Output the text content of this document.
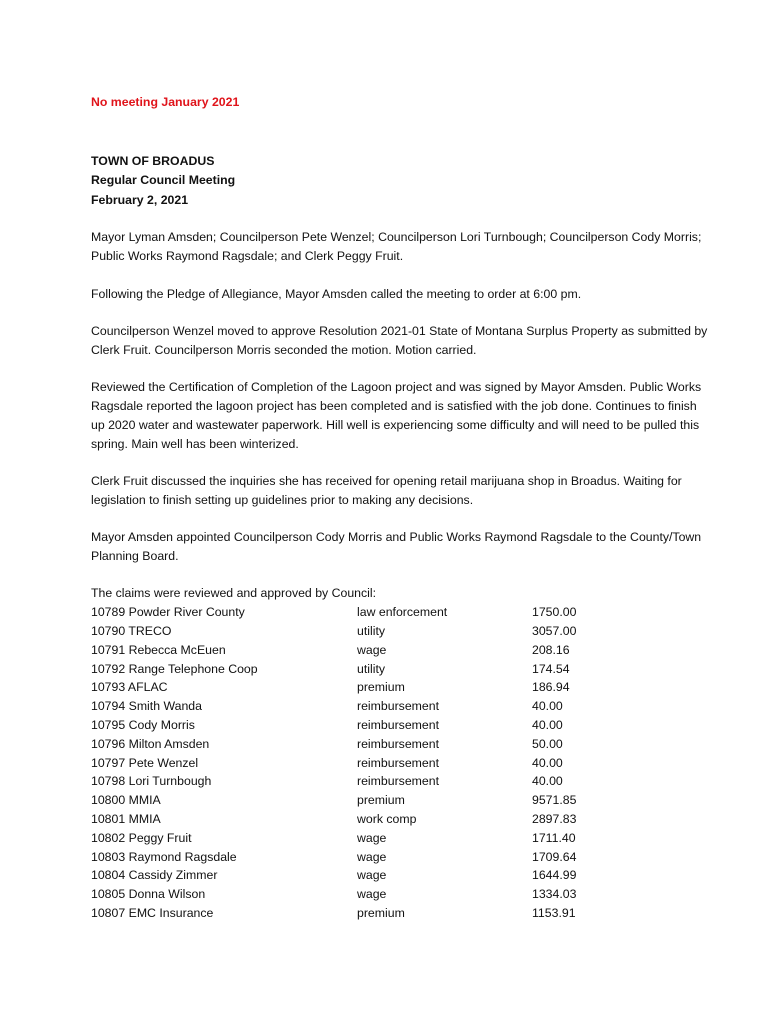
No meeting January 2021

TOWN OF BROADUS
Regular Council Meeting
February 2, 2021

Mayor Lyman Amsden; Councilperson Pete Wenzel; Councilperson Lori Turnbough; Councilperson Cody Morris; Public Works Raymond Ragsdale; and Clerk Peggy Fruit.

Following the Pledge of Allegiance, Mayor Amsden called the meeting to order at 6:00 pm.

Councilperson Wenzel moved to approve Resolution 2021-01 State of Montana Surplus Property as submitted by Clerk Fruit. Councilperson Morris seconded the motion. Motion carried.

Reviewed the Certification of Completion of the Lagoon project and was signed by Mayor Amsden. Public Works Ragsdale reported the lagoon project has been completed and is satisfied with the job done. Continues to finish up 2020 water and wastewater paperwork. Hill well is experiencing some difficulty and will need to be pulled this spring. Main well has been winterized.

Clerk Fruit discussed the inquiries she has received for opening retail marijuana shop in Broadus. Waiting for legislation to finish setting up guidelines prior to making any decisions.

Mayor Amsden appointed Councilperson Cody Morris and Public Works Raymond Ragsdale to the County/Town Planning Board.

The claims were reviewed and approved by Council:

10789 Powder River County	law enforcement	1750.00
10790 TRECO	utility	3057.00
10791 Rebecca McEuen	wage	208.16
10792 Range Telephone Coop	utility	174.54
10793 AFLAC	premium	186.94
10794 Smith Wanda	reimbursement	40.00
10795 Cody Morris	reimbursement	40.00
10796 Milton Amsden	reimbursement	50.00
10797 Pete Wenzel	reimbursement	40.00
10798 Lori Turnbough	reimbursement	40.00
10800 MMIA	premium	9571.85
10801 MMIA	work comp	2897.83
10802 Peggy Fruit	wage	1711.40
10803 Raymond Ragsdale	wage	1709.64
10804 Cassidy Zimmer	wage	1644.99
10805 Donna Wilson	wage	1334.03
10807 EMC Insurance	premium	1153.91
